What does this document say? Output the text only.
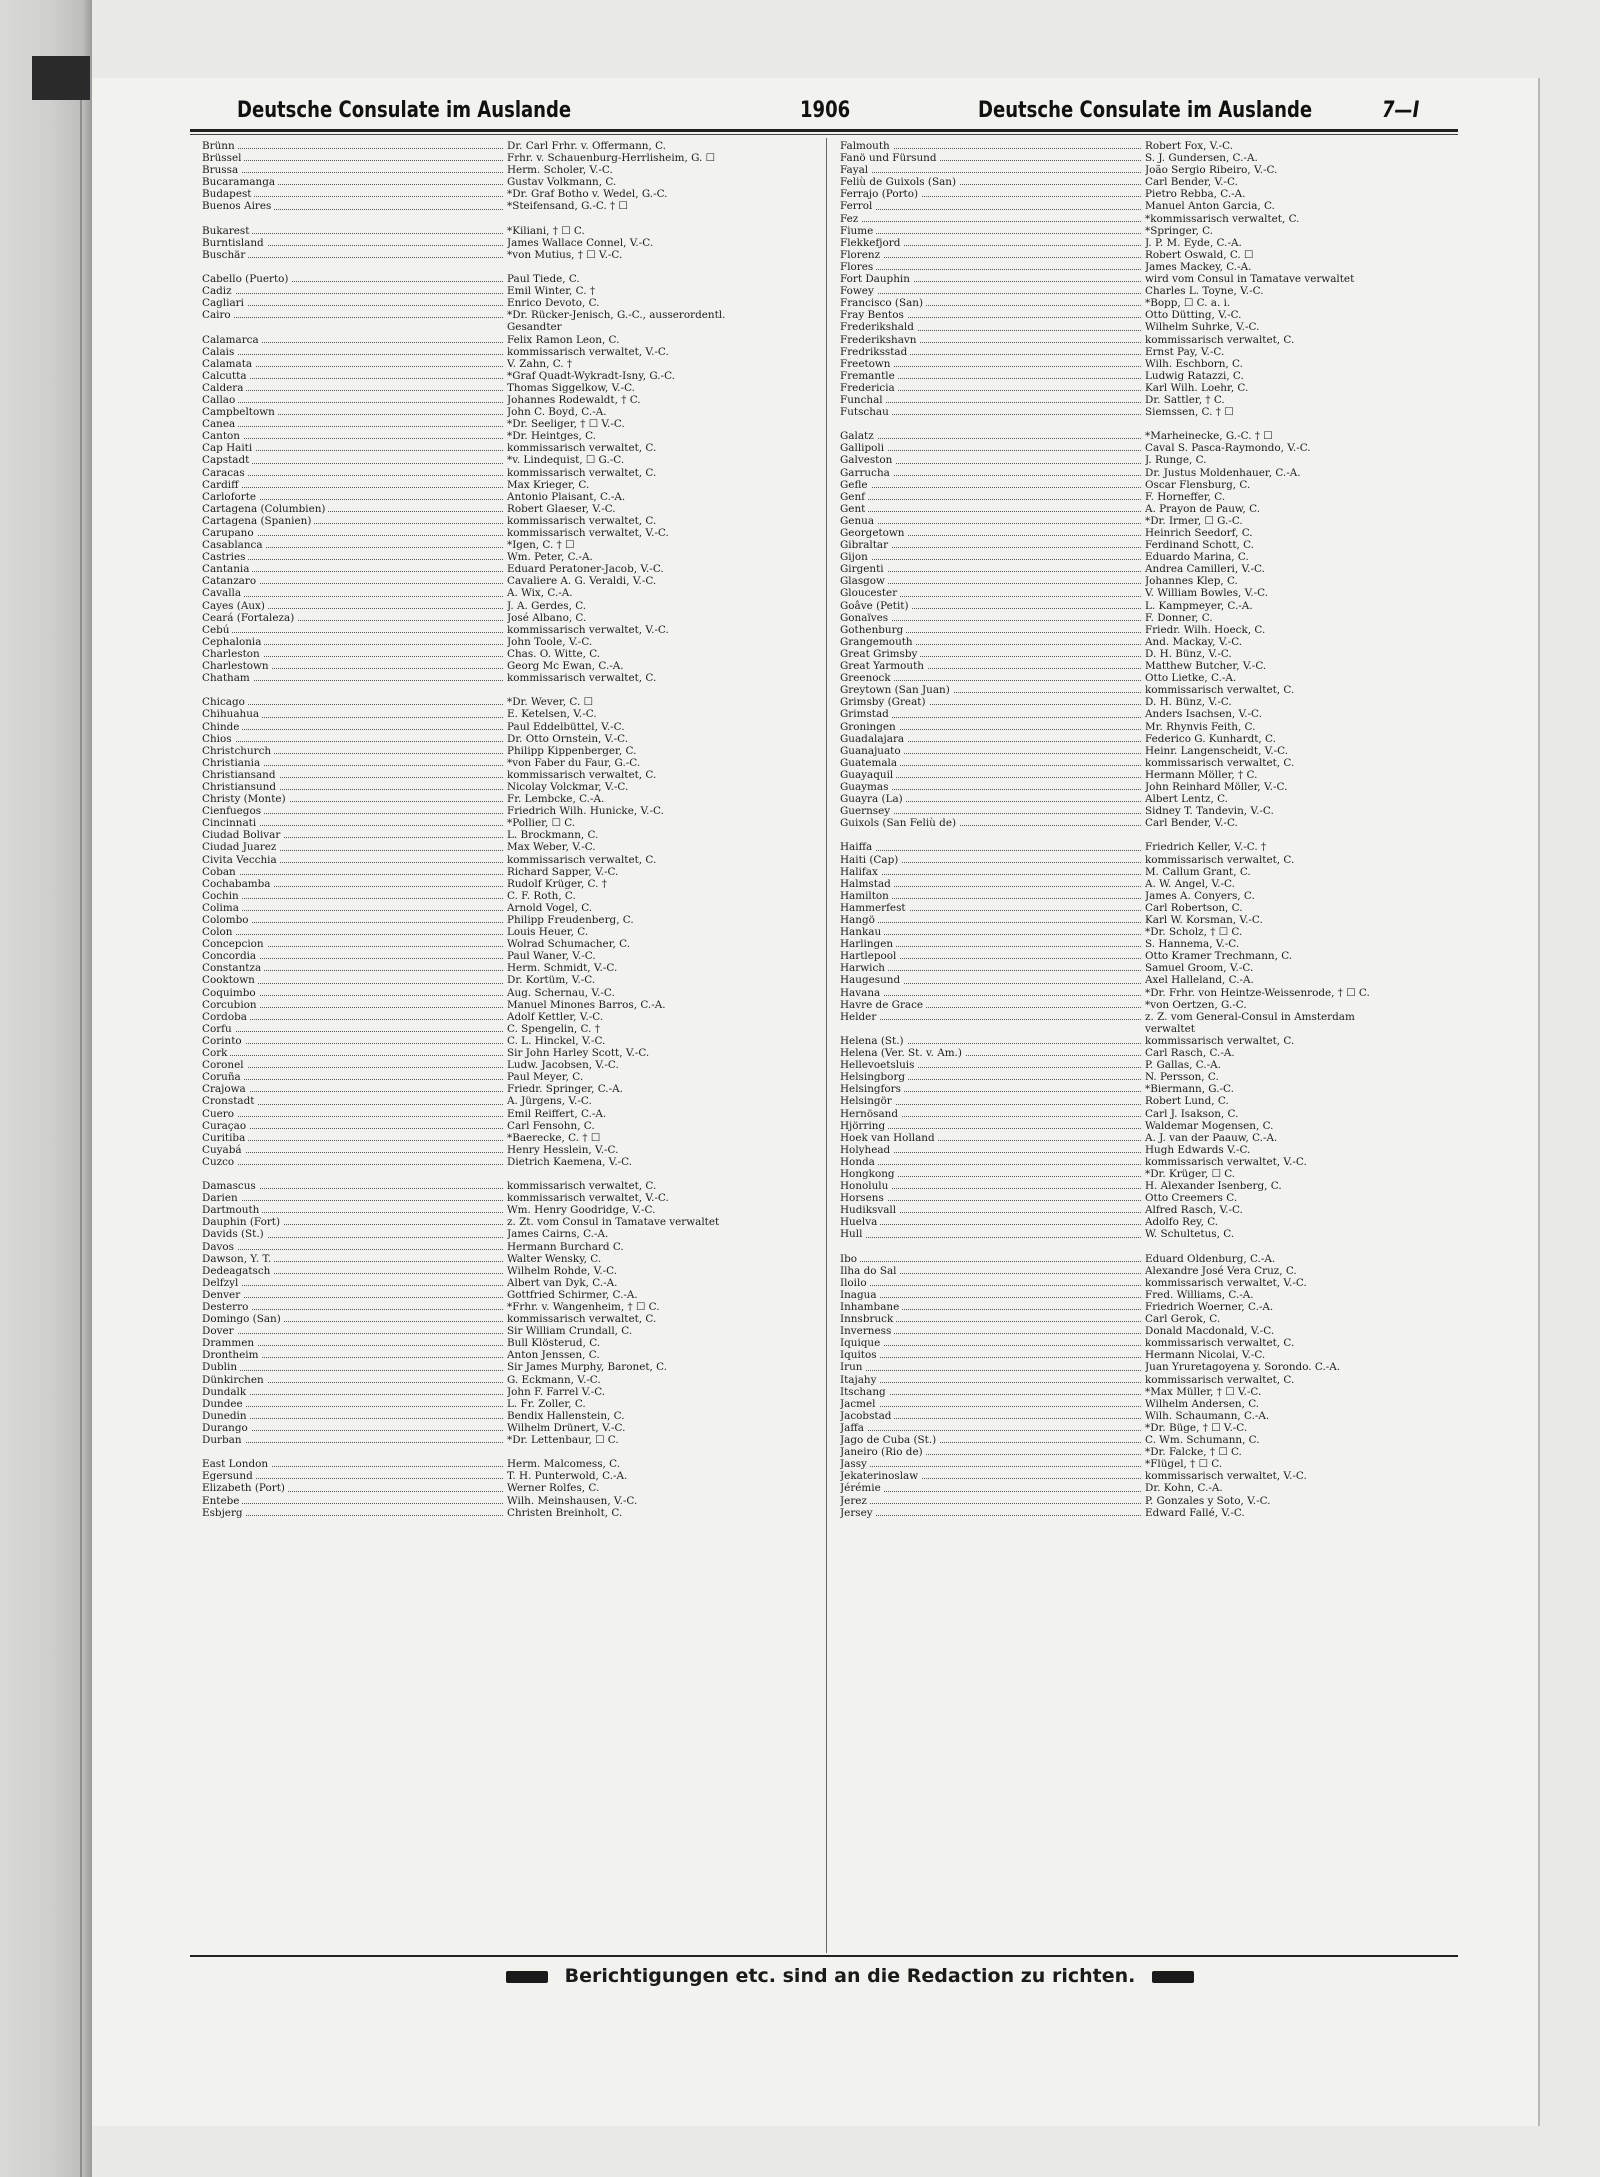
Deutsche Consulate im Auslande	1906	Deutsche Consulate im Auslande	7—I
Brünn	Dr. Carl Frhr. v. Offermann, C.
Brüssel	Frhr. v. Schauenburg-Herrlisheim, G. ☐
Brussa	Herm. Scholer, V.-C.
Bucaramanga	Gustav Volkmann, C.
Budapest	*Dr. Graf Botho v. Wedel, G.-C.
Buenos Aires	*Steifensand, G.-C. † ☐
Bukarest	*Kiliani, † ☐ C.
Burntisland	James Wallace Connel, V.-C.
Buschär	*von Mutius, † ☐ V.-C.
Cabello (Puerto)	Paul Tiede, C.
Cadiz	Emil Winter, C. †
Cagliari	Enrico Devoto, C.
Cairo	*Dr. Rücker-Jenisch, G.-C., ausserordentl.
Gesandter
Calamarca	Felix Ramon Leon, C.
Calais	kommissarisch verwaltet, V.-C.
Calamata	V. Zahn, C. †
Calcutta	*Graf Quadt-Wykradt-Isny, G.-C.
Caldera	Thomas Siggelkow, V.-C.
Callao	Johannes Rodewaldt, † C.
Campbeltown	John C. Boyd, C.-A.
Canea	*Dr. Seeliger, † ☐ V.-C.
Canton	*Dr. Heintges, C.
Cap Haiti	kommissarisch verwaltet, C.
Capstadt	*v. Lindequist, ☐ G.-C.
Caracas	kommissarisch verwaltet, C.
Cardiff	Max Krieger, C.
Carloforte	Antonio Plaisant, C.-A.
Cartagena (Columbien)	Robert Glaeser, V.-C.
Cartagena (Spanien)	kommissarisch verwaltet, C.
Carupano	kommissarisch verwaltet, V.-C.
Casablanca	*Igen, C. † ☐
Castries	Wm. Peter, C.-A.
Cantania	Eduard Peratoner-Jacob, V.-C.
Catanzaro	Cavaliere A. G. Veraldi, V.-C.
Cavalla	A. Wix, C.-A.
Cayes (Aux)	J. A. Gerdes, C.
Ceará (Fortaleza)	José Albano, C.
Cebú	kommissarisch verwaltet, V.-C.
Cephalonia	John Toole, V.-C.
Charleston	Chas. O. Witte, C.
Charlestown	Georg Mc Ewan, C.-A.
Chatham	kommissarisch verwaltet, C.
Chicago	*Dr. Wever, C. ☐
Chihuahua	E. Ketelsen, V.-C.
Chinde	Paul Eddelbüttel, V.-C.
Chios	Dr. Otto Ornstein, V.-C.
Christchurch	Philipp Kippenberger, C.
Christiania	*von Faber du Faur, G.-C.
Christiansand	kommissarisch verwaltet, C.
Christiansund	Nicolay Volckmar, V.-C.
Christy (Monte)	Fr. Lembcke, C.-A.
Cienfuegos	Friedrich Wilh. Hunicke, V.-C.
Cincinnati	*Pollier, ☐ C.
Ciudad Bolivar	L. Brockmann, C.
Ciudad Juarez	Max Weber, V.-C.
Civita Vecchia	kommissarisch verwaltet, C.
Coban	Richard Sapper, V.-C.
Cochabamba	Rudolf Krüger, C. †
Cochin	C. F. Roth, C.
Colima	Arnold Vogel, C.
Colombo	Philipp Freudenberg, C.
Colon	Louis Heuer, C.
Concepcion	Wolrad Schumacher, C.
Concordia	Paul Waner, V.-C.
Constantza	Herm. Schmidt, V.-C.
Cooktown	Dr. Kortüm, V.-C.
Coquimbo	Aug. Schernau, V.-C.
Corcubion	Manuel Minones Barros, C.-A.
Cordoba	Adolf Kettler, V.-C.
Corfu	C. Spengelin, C. †
Corinto	C. L. Hinckel, V.-C.
Cork	Sir John Harley Scott, V.-C.
Coronel	Ludw. Jacobsen, V.-C.
Coruña	Paul Meyer, C.
Crajowa	Friedr. Springer, C.-A.
Cronstadt	A. Jürgens, V.-C.
Cuero	Emil Reiffert, C.-A.
Curaçao	Carl Fensohn, C.
Curitiba	*Baerecke, C. † ☐
Cuyabá	Henry Hesslein, V.-C.
Cuzco	Dietrich Kaemena, V.-C.
Damascus	kommissarisch verwaltet, C.
Darien	kommissarisch verwaltet, V.-C.
Dartmouth	Wm. Henry Goodridge, V.-C.
Dauphin (Fort)	z. Zt. vom Consul in Tamatave verwaltet
Davids (St.)	James Cairns, C.-A.
Davos	Hermann Burchard C.
Dawson, Y. T.	Walter Wensky, C.
Dedeagatsch	Wilhelm Rohde, V.-C.
Delfzyl	Albert van Dyk, C.-A.
Denver	Gottfried Schirmer, C.-A.
Desterro	*Frhr. v. Wangenheim, † ☐ C.
Domingo (San)	kommissarisch verwaltet, C.
Dover	Sir William Crundall, C.
Drammen	Bull Klösterud, C.
Drontheim	Anton Jenssen, C.
Dublin	Sir James Murphy, Baronet, C.
Dünkirchen	G. Eckmann, V.-C.
Dundalk	John F. Farrel V.-C.
Dundee	L. Fr. Zoller, C.
Dunedin	Bendix Hallenstein, C.
Durango	Wilhelm Drünert, V.-C.
Durban	*Dr. Lettenbaur, ☐ C.
East London	Herm. Malcomess, C.
Egersund	T. H. Punterwold, C.-A.
Elizabeth (Port)	Werner Rolfes, C.
Entebe	Wilh. Meinshausen, V.-C.
Esbjerg	Christen Breinholt, C.
Falmouth	Robert Fox, V.-C.
Fanö und Fürsund	S. J. Gundersen, C.-A.
Fayal	João Sergio Ribeiro, V.-C.
Feliù de Guixols (San)	Carl Bender, V.-C.
Ferrajo (Porto)	Pietro Rebba, C.-A.
Ferrol	Manuel Anton Garcia, C.
Fez	*kommissarisch verwaltet, C.
Fiume	*Springer, C.
Flekkefjord	J. P. M. Eyde, C.-A.
Florenz	Robert Oswald, C. ☐
Flores	James Mackey, C.-A.
Fort Dauphin	wird vom Consul in Tamatave verwaltet
Fowey	Charles L. Toyne, V.-C.
Francisco (San)	*Bopp, ☐ C. a. i.
Fray Bentos	Otto Dütting, V.-C.
Frederikshald	Wilhelm Suhrke, V.-C.
Frederikshavn	kommissarisch verwaltet, C.
Fredriksstad	Ernst Pay, V.-C.
Freetown	Wilh. Eschborn, C.
Fremantle	Ludwig Ratazzi, C.
Fredericia	Karl Wilh. Loehr, C.
Funchal	Dr. Sattler, † C.
Futschau	Siemssen, C. † ☐
Galatz	*Marheinecke, G.-C. † ☐
Gallipoli	Caval S. Pasca-Raymondo, V.-C.
Galveston	J. Runge, C.
Garrucha	Dr. Justus Moldenhauer, C.-A.
Gefle	Oscar Flensburg, C.
Genf	F. Horneffer, C.
Gent	A. Prayon de Pauw, C.
Genua	*Dr. Irmer, ☐ G.-C.
Georgetown	Heinrich Seedorf, C.
Gibraltar	Ferdinand Schott, C.
Gijon	Eduardo Marina, C.
Girgenti	Andrea Camilleri, V.-C.
Glasgow	Johannes Klep, C.
Gloucester	V. William Bowles, V.-C.
Goâve (Petit)	L. Kampmeyer, C.-A.
Gonaïves	F. Donner, C.
Gothenburg	Friedr. Wilh. Hoeck, C.
Grangemouth	And. Mackay, V.-C.
Great Grimsby	D. H. Bünz, V.-C.
Great Yarmouth	Matthew Butcher, V.-C.
Greenock	Otto Lietke, C.-A.
Greytown (San Juan)	kommissarisch verwaltet, C.
Grimsby (Great)	D. H. Bünz, V.-C.
Grimstad	Anders Isachsen, V.-C.
Groningen	Mr. Rhynvis Feith, C.
Guadalajara	Federico G. Kunhardt, C.
Guanajuato	Heinr. Langenscheidt, V.-C.
Guatemala	kommissarisch verwaltet, C.
Guayaquil	Hermann Möller, † C.
Guaymas	John Reinhard Möller, V.-C.
Guayra (La)	Albert Lentz, C.
Guernsey	Sidney T. Tandevin, V.-C.
Guixols (San Feliù de)	Carl Bender, V.-C.
Haiffa	Friedrich Keller, V.-C. †
Haiti (Cap)	kommissarisch verwaltet, C.
Halifax	M. Callum Grant, C.
Halmstad	A. W. Angel, V.-C.
Hamilton	James A. Conyers, C.
Hammerfest	Carl Robertson, C.
Hangö	Karl W. Korsman, V.-C.
Hankau	*Dr. Scholz, † ☐ C.
Harlingen	S. Hannema, V.-C.
Hartlepool	Otto Kramer Trechmann, C.
Harwich	Samuel Groom, V.-C.
Haugesund	Axel Halleland, C.-A.
Havana	*Dr. Frhr. von Heintze-Weissenrode, † ☐ C.
Havre de Grace	*von Oertzen, G.-C.
Helder	z. Z. vom General-Consul in Amsterdam
verwaltet
Helena (St.)	kommissarisch verwaltet, C.
Helena (Ver. St. v. Am.)	Carl Rasch, C.-A.
Hellevoetsluis	P. Gallas, C.-A.
Helsingborg	N. Persson, C.
Helsingfors	*Biermann, G.-C.
Helsingör	Robert Lund, C.
Hernösand	Carl J. Isakson, C.
Hjörring	Waldemar Mogensen, C.
Hoek van Holland	A. J. van der Paauw, C.-A.
Holyhead	Hugh Edwards V.-C.
Honda	kommissarisch verwaltet, V.-C.
Hongkong	*Dr. Krüger, ☐ C.
Honolulu	H. Alexander Isenberg, C.
Horsens	Otto Creemers C.
Hudiksvall	Alfred Rasch, V.-C.
Huelva	Adolfo Rey, C.
Hull	W. Schultetus, C.
Ibo	Eduard Oldenburg, C.-A.
Ilha do Sal	Alexandre José Vera Cruz, C.
Iloilo	kommissarisch verwaltet, V.-C.
Inagua	Fred. Williams, C.-A.
Inhambane	Friedrich Woerner, C.-A.
Innsbruck	Carl Gerok, C.
Inverness	Donald Macdonald, V.-C.
Iquique	kommissarisch verwaltet, C.
Iquitos	Hermann Nicolai, V.-C.
Irun	Juan Yruretagoyena y. Sorondo. C.-A.
Itajahy	kommissarisch verwaltet, C.
Itschang	*Max Müller, † ☐ V.-C.
Jacmel	Wilhelm Andersen, C.
Jacobstad	Wilh. Schaumann, C.-A.
Jaffa	*Dr. Büge, † ☐ V.-C.
Jago de Cuba (St.)	C. Wm. Schumann, C.
Janeiro (Rio de)	*Dr. Falcke, † ☐ C.
Jassy	*Flügel, † ☐ C.
Jekaterinoslaw	kommissarisch verwaltet, V.-C.
Jérémie	Dr. Kohn, C.-A.
Jerez	P. Gonzales y Soto, V.-C.
Jersey	Edward Fallé, V.-C.
Berichtigungen etc. sind an die Redaction zu richten.
